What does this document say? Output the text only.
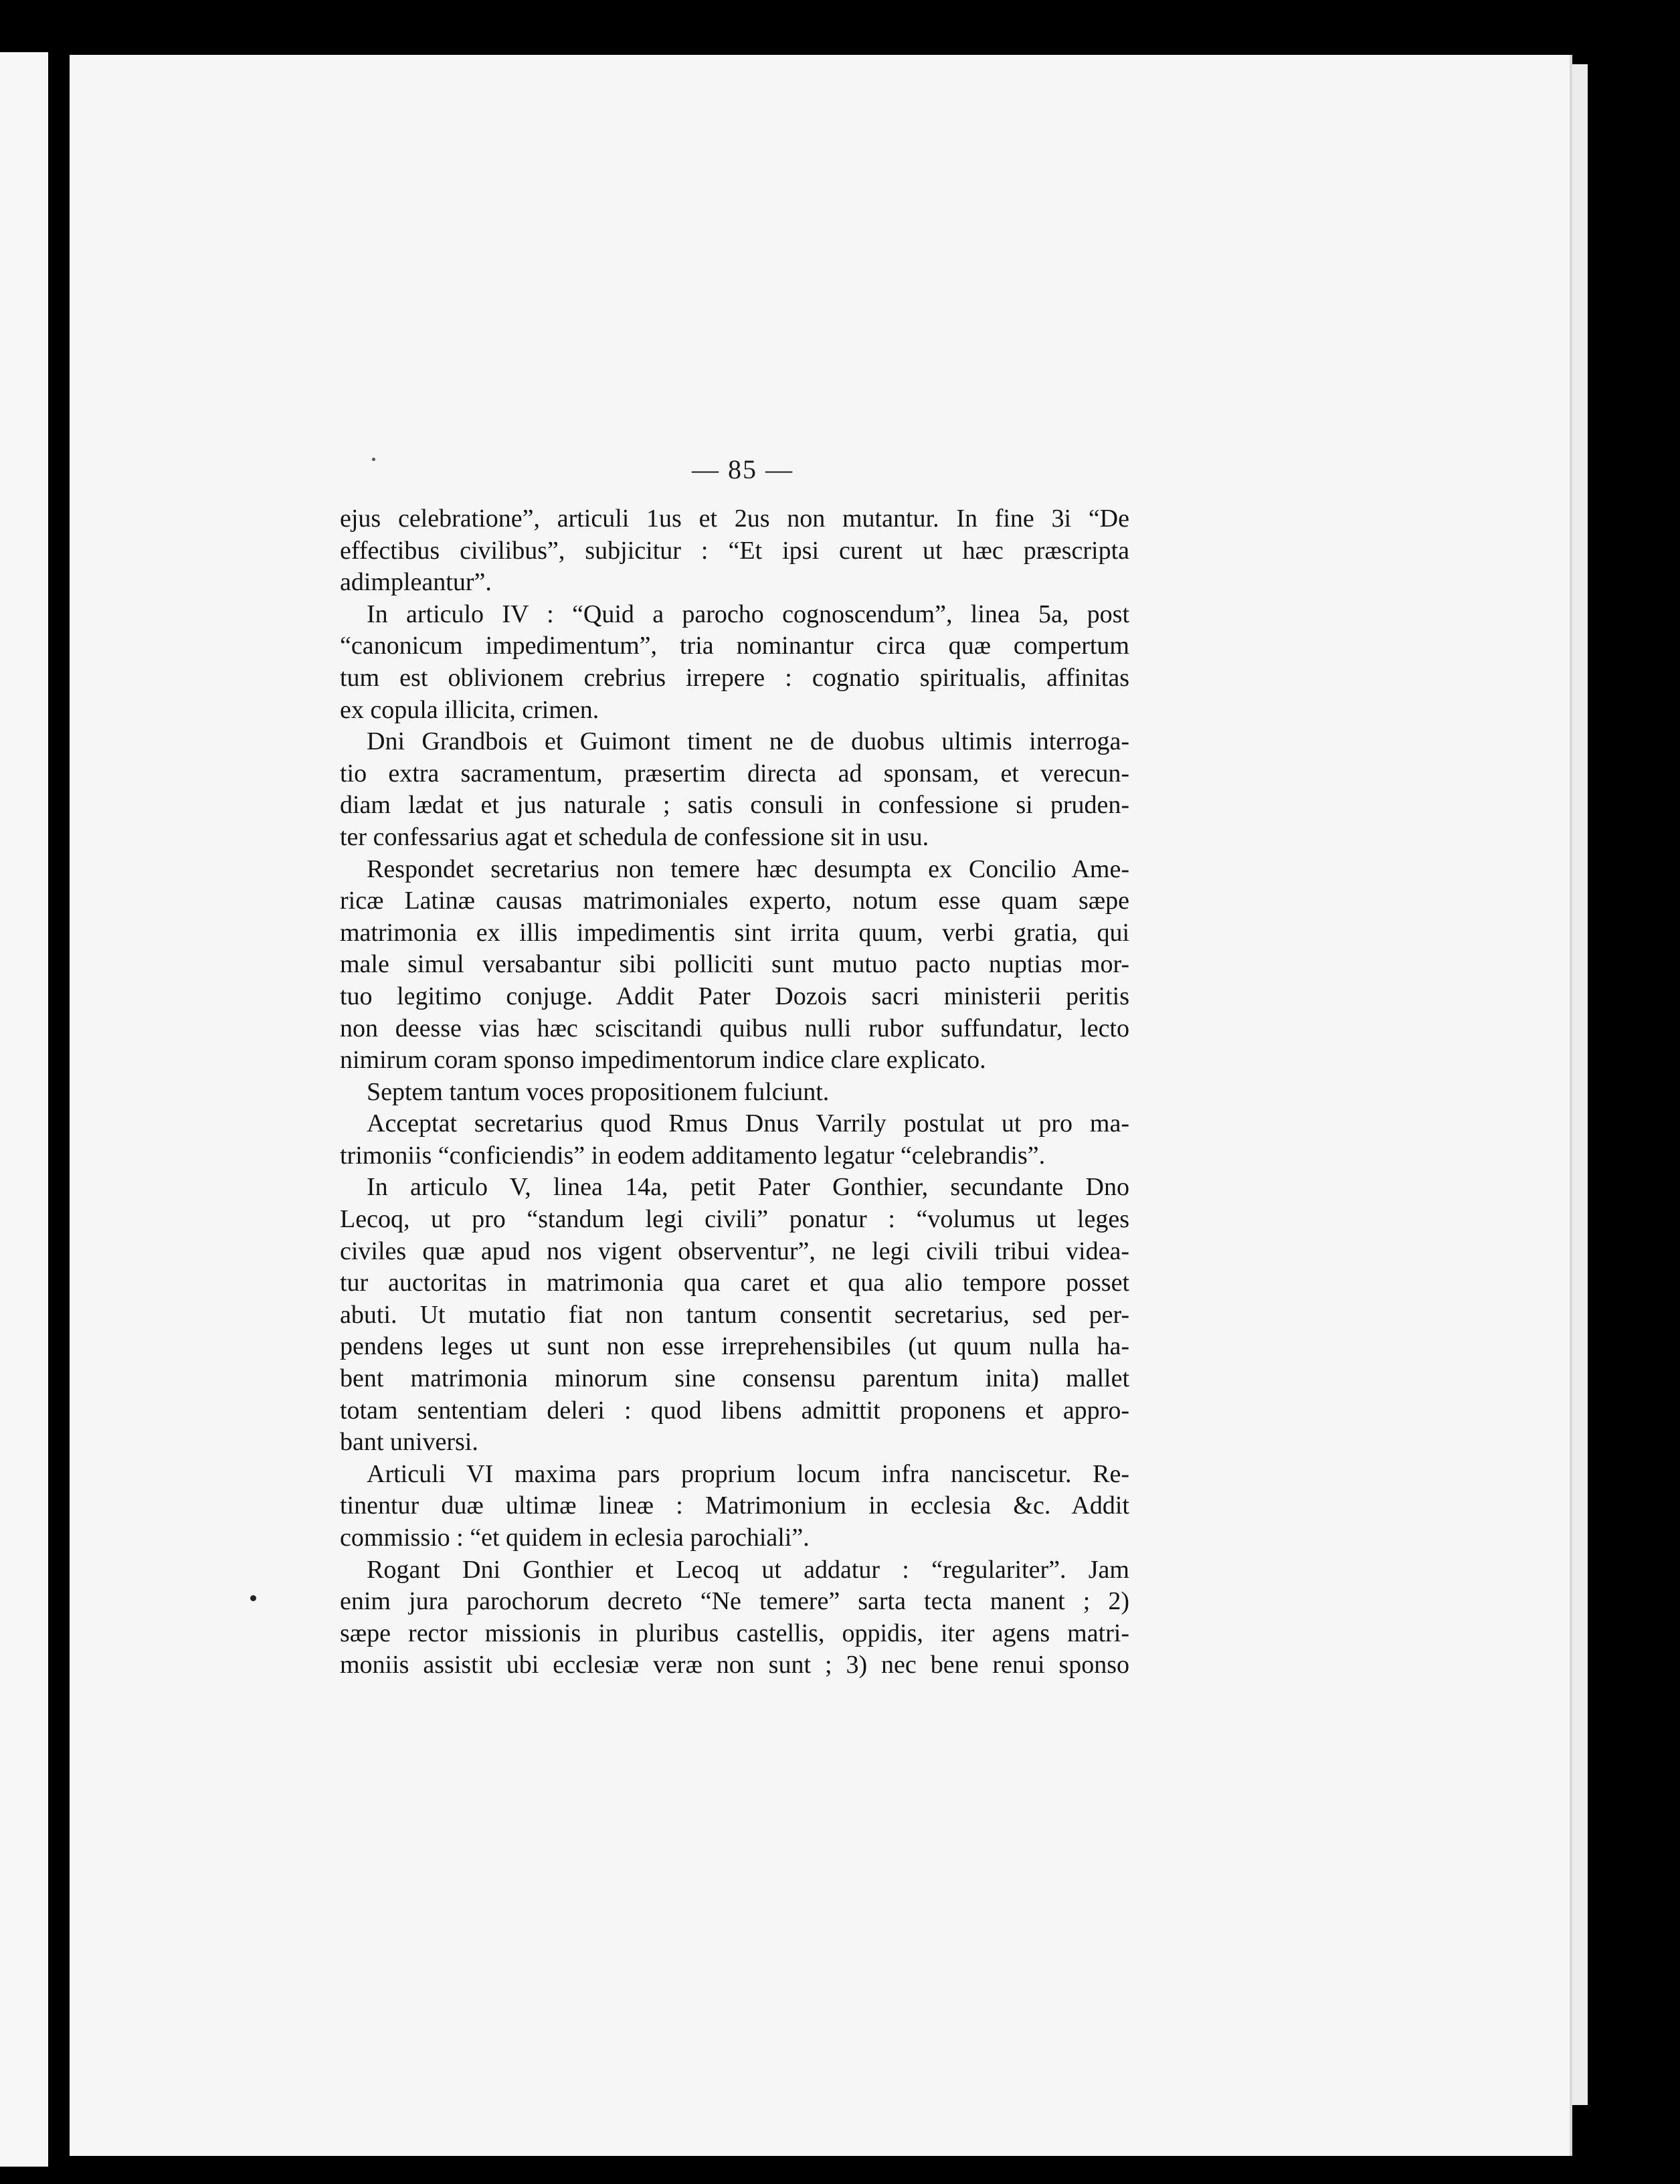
— 85 —
ejus celebratione”, articuli 1us et 2us non mutantur. In fine 3i “De
effectibus civilibus”, subjicitur : “Et ipsi curent ut hæc præscripta
adimpleantur”.
In articulo IV : “Quid a parocho cognoscendum”, linea 5a, post
“canonicum impedimentum”, tria nominantur circa quæ compertum
tum est oblivionem crebrius irrepere : cognatio spiritualis, affinitas
ex copula illicita, crimen.
Dni Grandbois et Guimont timent ne de duobus ultimis interroga-
tio extra sacramentum, præsertim directa ad sponsam, et verecun-
diam lædat et jus naturale ; satis consuli in confessione si pruden-
ter confessarius agat et schedula de confessione sit in usu.
Respondet secretarius non temere hæc desumpta ex Concilio Ame-
ricæ Latinæ causas matrimoniales experto, notum esse quam sæpe
matrimonia ex illis impedimentis sint irrita quum, verbi gratia, qui
male simul versabantur sibi polliciti sunt mutuo pacto nuptias mor-
tuo legitimo conjuge. Addit Pater Dozois sacri ministerii peritis
non deesse vias hæc sciscitandi quibus nulli rubor suffundatur, lecto
nimirum coram sponso impedimentorum indice clare explicato.
Septem tantum voces propositionem fulciunt.
Acceptat secretarius quod Rmus Dnus Varrily postulat ut pro ma-
trimoniis “conficiendis” in eodem additamento legatur “celebrandis”.
In articulo V, linea 14a, petit Pater Gonthier, secundante Dno
Lecoq, ut pro “standum legi civili” ponatur : “volumus ut leges
civiles quæ apud nos vigent observentur”, ne legi civili tribui videa-
tur auctoritas in matrimonia qua caret et qua alio tempore posset
abuti. Ut mutatio fiat non tantum consentit secretarius, sed per-
pendens leges ut sunt non esse irreprehensibiles (ut quum nulla ha-
bent matrimonia minorum sine consensu parentum inita) mallet
totam sententiam deleri : quod libens admittit proponens et appro-
bant universi.
Articuli VI maxima pars proprium locum infra nanciscetur. Re-
tinentur duæ ultimæ lineæ : Matrimonium in ecclesia &c. Addit
commissio : “et quidem in eclesia parochiali”.
Rogant Dni Gonthier et Lecoq ut addatur : “regulariter”. Jam
enim jura parochorum decreto “Ne temere” sarta tecta manent ; 2)
sæpe rector missionis in pluribus castellis, oppidis, iter agens matri-
moniis assistit ubi ecclesiæ veræ non sunt ; 3) nec bene renui sponso
